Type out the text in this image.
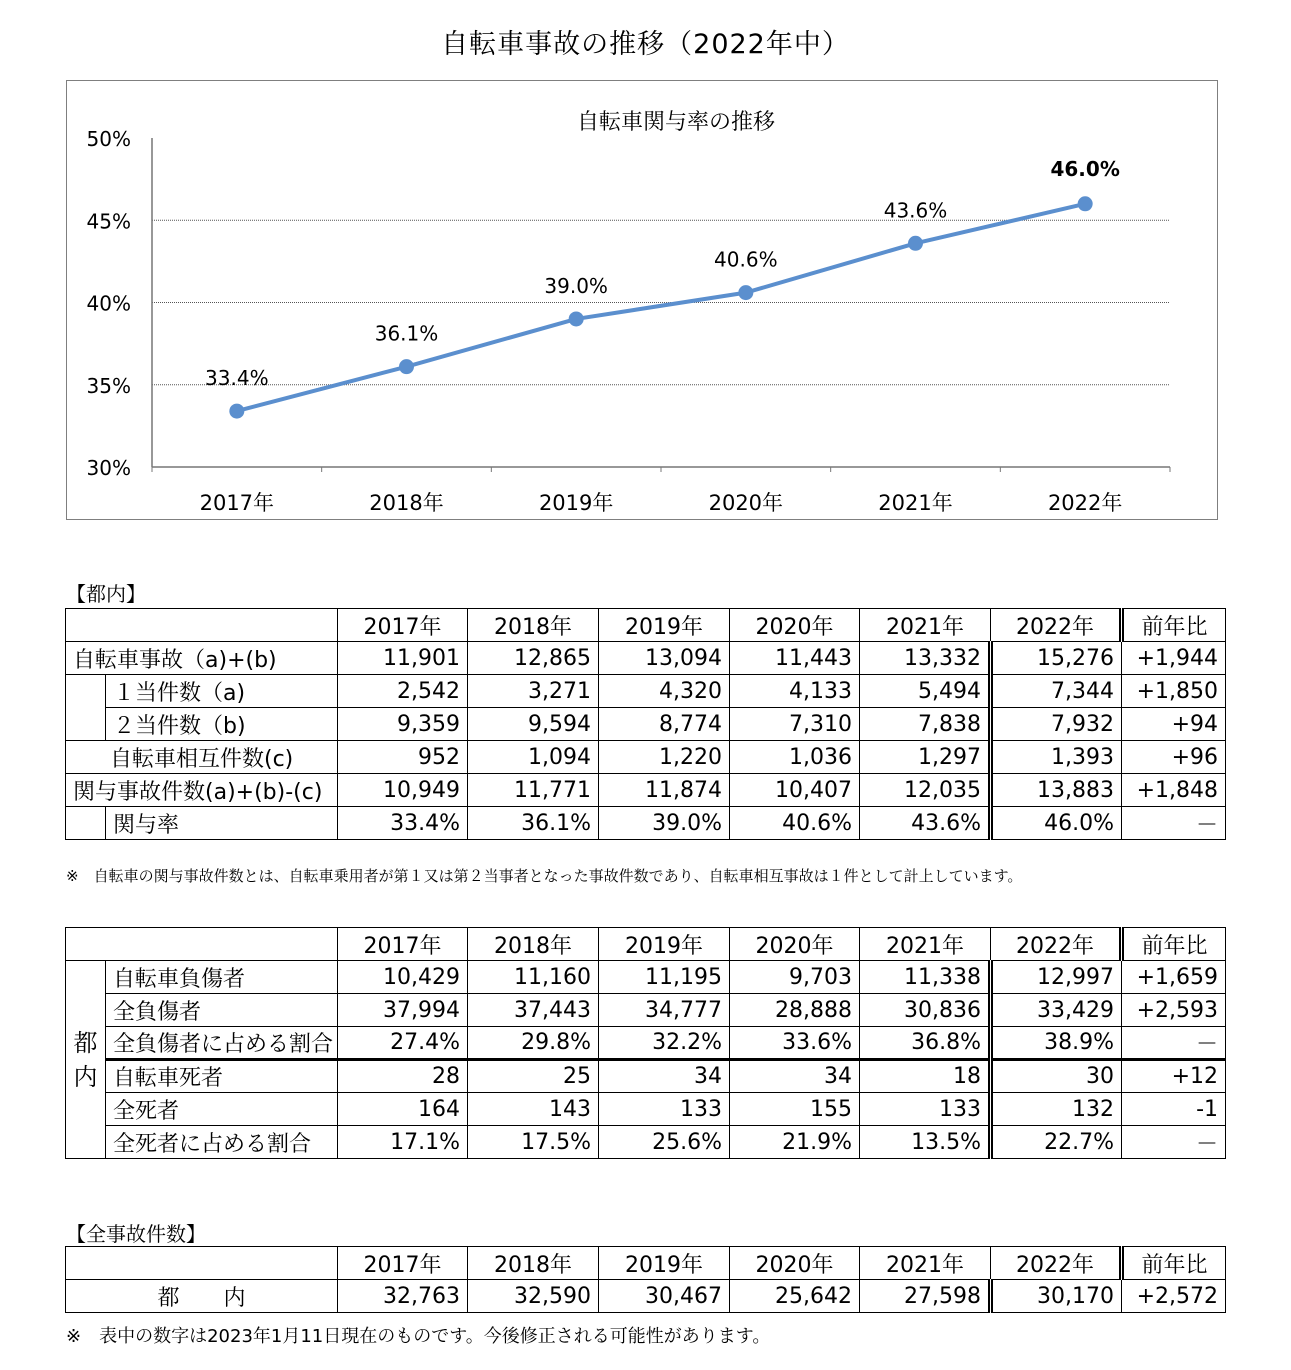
自転車事故の推移（2022年中）
自転車関与率の推移
30%
35%
40%
45%
50%
2017年	2018年	2019年	2020年	2021年	2022年
33.4%
36.1%
39.0%
40.6%
43.6%
46.0%
【都内】
		2017年	2018年	2019年	2020年	2021年	2022年	前年比
自転車事故（a)+(b)		11,901	12,865	13,094	11,443	13,332	15,276	+1,944
	１当件数（a)	2,542	3,271	4,320	4,133	5,494	7,344	+1,850
	２当件数（b)	9,359	9,594	8,774	7,310	7,838	7,932	+94
自転車相互件数(c)		952	1,094	1,220	1,036	1,297	1,393	+96
関与事故件数(a)+(b)-(c)		10,949	11,771	11,874	10,407	12,035	13,883	+1,848
	関与率	33.4%	36.1%	39.0%	40.6%	43.6%	46.0%	－
※　自転車の関与事故件数とは、自転車乗用者が第１又は第２当事者となった事故件数であり、自転車相互事故は１件として計上しています。
		2017年	2018年	2019年	2020年	2021年	2022年	前年比

都内	自転車負傷者	10,429	11,160	11,195	9,703	11,338	12,997	+1,659
	全負傷者	37,994	37,443	34,777	28,888	30,836	33,429	+2,593
	全負傷者に占める割合	27.4%	29.8%	32.2%	33.6%	36.8%	38.9%	－
	自転車死者	28	25	34	34	18	30	+12
	全死者	164	143	133	155	133	132	-1
	全死者に占める割合	17.1%	17.5%	25.6%	21.9%	13.5%	22.7%	－
【全事故件数】
	2017年	2018年	2019年	2020年	2021年	2022年	前年比
都　　内	32,763	32,590	30,467	25,642	27,598	30,170	+2,572
※　表中の数字は2023年1月11日現在のものです。今後修正される可能性があります。
